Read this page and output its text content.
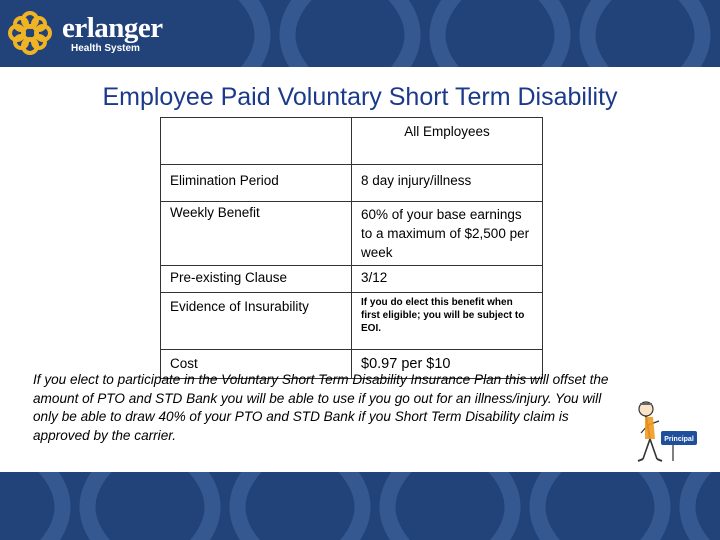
erlanger
Health System
Employee Paid Voluntary Short Term Disability
	All Employees
Elimination Period	8 day injury/illness
Weekly Benefit	60% of your base earnings to a maximum of $2,500 per week
Pre-existing Clause	3/12
Evidence of Insurability	If you do elect this benefit when first eligible; you will be subject to EOI.
Cost	$0.97 per $10
If you elect to participate in the Voluntary Short Term Disability Insurance Plan this will offset the amount of PTO and STD Bank you will be able to use if you go out for an illness/injury. You will only be able to draw 40% of your PTO and STD Bank if you Short Term Disability claim is approved by the carrier.	Principal
